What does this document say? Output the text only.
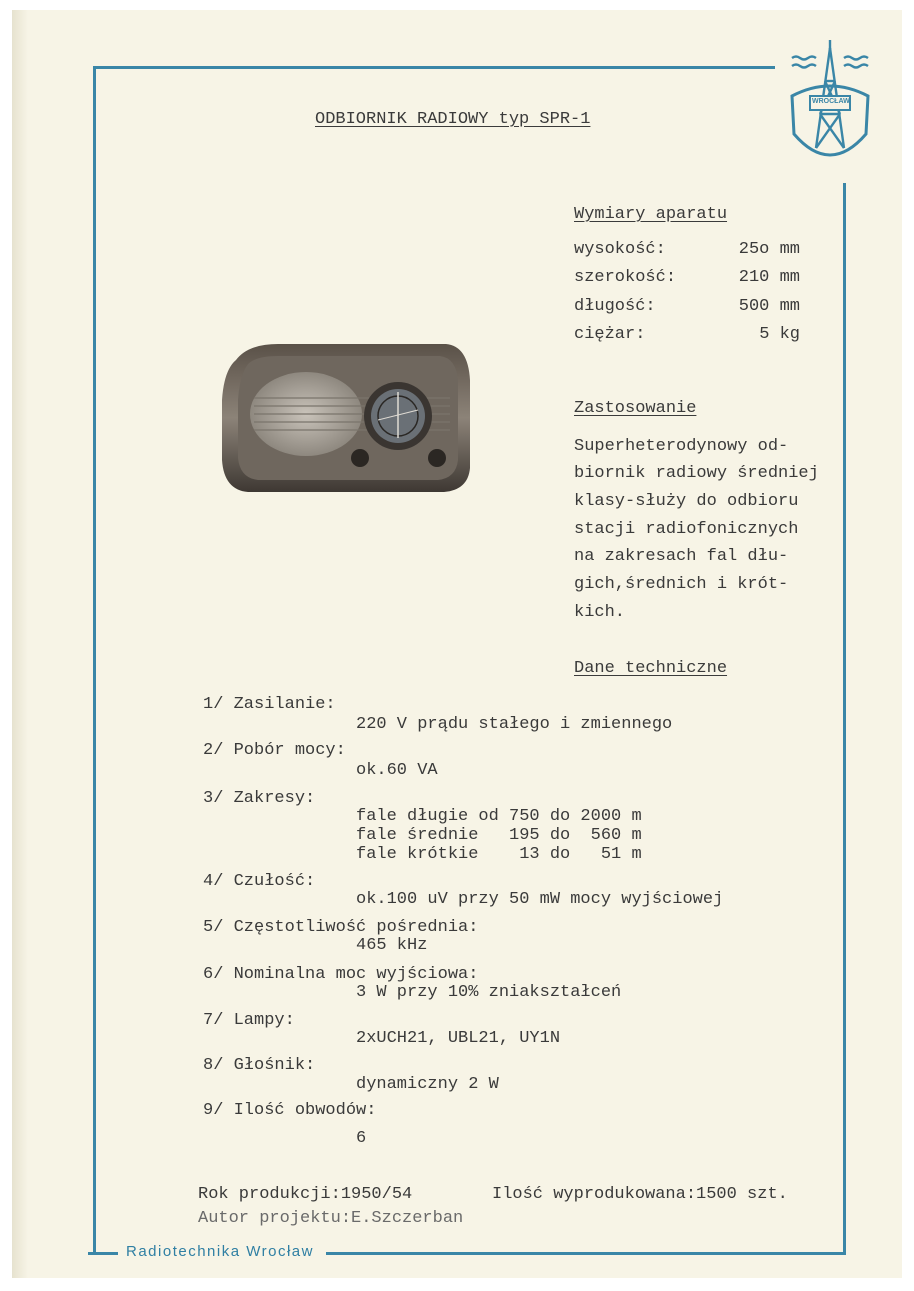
Radiotechnika Wrocław
WROCŁAW
ODBIORNIK RADIOWY typ SPR-1
Wymiary aparatu
wysokość:	25o mm
szerokość:	210 mm
długość:	500 mm
ciężar:	5 kg
Zastosowanie
Superheterodynowy od-
biornik radiowy średniej
klasy-służy do odbioru
stacji radiofonicznych
na zakresach fal dłu-
gich,średnich i krót-
kich.
Dane techniczne
1/ Zasilanie:
220 V prądu stałego i zmiennego
2/ Pobór mocy:
ok.60 VA
3/ Zakresy:
fale długie od 750 do 2000 m
fale średnie   195 do  560 m
fale krótkie    13 do   51 m
4/ Czułość:
ok.100 uV przy 50 mW mocy wyjściowej
5/ Częstotliwość pośrednia:
465 kHz
6/ Nominalna moc wyjściowa:
3 W przy 10% zniakształceń
7/ Lampy:
2xUCH21, UBL21, UY1N
8/ Głośnik:
dynamiczny 2 W
9/ Ilość obwodów:
6
Rok produkcji:1950/54	Ilość wyprodukowana:1500 szt.
Autor projektu:E.Szczerban
